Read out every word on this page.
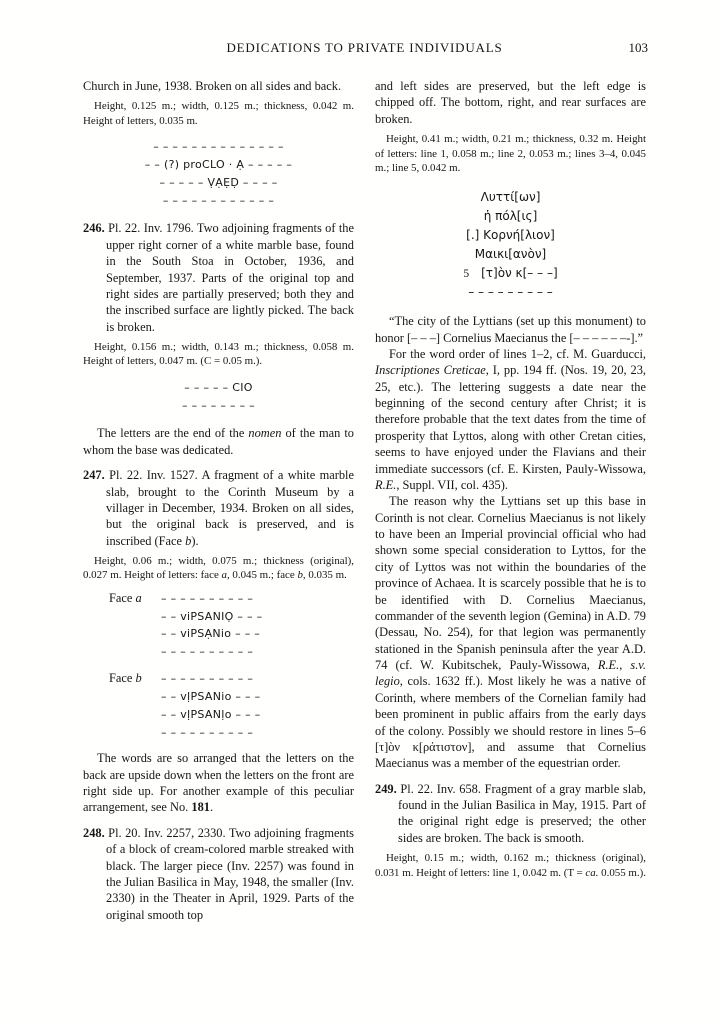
DEDICATIONS TO PRIVATE INDIVIDUALS	103

Church in June, 1938. Broken on all sides and back.

Height, 0.125 m.; width, 0.125 m.; thickness, 0.042 m. Height of letters, 0.035 m.

– – – – – – – – – – – – – –
– – (?) proCLO · Ạ – – – – –
– – – – – ṾẠẸḌ – – – –
– – – – – – – – – – – –

246. Pl. 22. Inv. 1796. Two adjoining fragments of the upper right corner of a white marble base, found in the South Stoa in October, 1936, and September, 1937. Parts of the original top and right sides are partially preserved; both they and the inscribed surface are lightly picked. The back is broken.

Height, 0.156 m.; width, 0.143 m.; thickness, 0.058 m. Height of letters, 0.047 m. (C = 0.05 m.).

– – – – – CIO
– – – – – – – –

The letters are the end of the nomen of the man to whom the base was dedicated.

247. Pl. 22. Inv. 1527. A fragment of a white marble slab, brought to the Corinth Museum by a villager in December, 1934. Broken on all sides, but the original back is preserved, and is inscribed (Face b).

Height, 0.06 m.; width, 0.075 m.; thickness (original), 0.027 m. Height of letters: face a, 0.045 m.; face b, 0.035 m.

Face a	– – – – – – – – – –
– – viPSANIỌ – – –
– – viPSẠNio – – –
– – – – – – – – – –
Face b	– – – – – – – – – –
– – vḷPSANio – – –
– – vḷPSANḷo – – –
– – – – – – – – – –

The words are so arranged that the letters on the back are upside down when the letters on the front are right side up. For another example of this peculiar arrangement, see No. 181.

248. Pl. 20. Inv. 2257, 2330. Two adjoining fragments of a block of cream-colored marble streaked with black. The larger piece (Inv. 2257) was found in the Julian Basilica in May, 1948, the smaller (Inv. 2330) in the Theater in April, 1929. Parts of the original smooth top

and left sides are preserved, but the left edge is chipped off. The bottom, right, and rear surfaces are broken.

Height, 0.41 m.; width, 0.21 m.; thickness, 0.32 m. Height of letters: line 1, 0.058 m.; line 2, 0.053 m.; lines 3–4, 0.045 m.; line 5, 0.042 m.

Λυττί[ων]
ἡ πόλ[ις]
[.] Κορνή[λιον]
Μαικι[ανὸν]
5 [τ]ὸν κ[– – –]
– – – – – – – – –

“The city of the Lyttians (set up this monument) to honor [– – –] Cornelius Maecianus the [– – – – – –-].”

For the word order of lines 1–2, cf. M. Guarducci, Inscriptiones Creticae, I, pp. 194 ff. (Nos. 19, 20, 23, 25, etc.). The lettering suggests a date near the beginning of the second century after Christ; it is therefore probable that the text dates from the time of prosperity that Lyttos, along with other Cretan cities, seems to have enjoyed under the Flavians and their immediate successors (cf. E. Kirsten, Pauly-Wissowa, R.E., Suppl. VII, col. 435).

The reason why the Lyttians set up this base in Corinth is not clear. Cornelius Maecianus is not likely to have been an Imperial provincial official who had shown some special consideration to Lyttos, for the city of Lyttos was not within the boundaries of the province of Achaea. It is scarcely possible that he is to be identified with D. Cornelius Maecianus, commander of the seventh legion (Gemina) in A.D. 79 (Dessau, No. 254), for that legion was permanently stationed in the Spanish peninsula after the year A.D. 74 (cf. W. Kubitschek, Pauly-Wissowa, R.E., s.v. legio, cols. 1632 ff.). Most likely he was a native of Corinth, where members of the Cornelian family had been prominent in public affairs from the early days of the colony. Possibly we should restore in lines 5–6 [τ]ὸν κ[ράτιστον], and assume that Cornelius Maecianus was a member of the equestrian order.

249. Pl. 22. Inv. 658. Fragment of a gray marble slab, found in the Julian Basilica in May, 1915. Part of the original right edge is preserved; the other sides are broken. The back is smooth.

Height, 0.15 m.; width, 0.162 m.; thickness (original), 0.031 m. Height of letters: line 1, 0.042 m. (T = ca. 0.055 m.).
